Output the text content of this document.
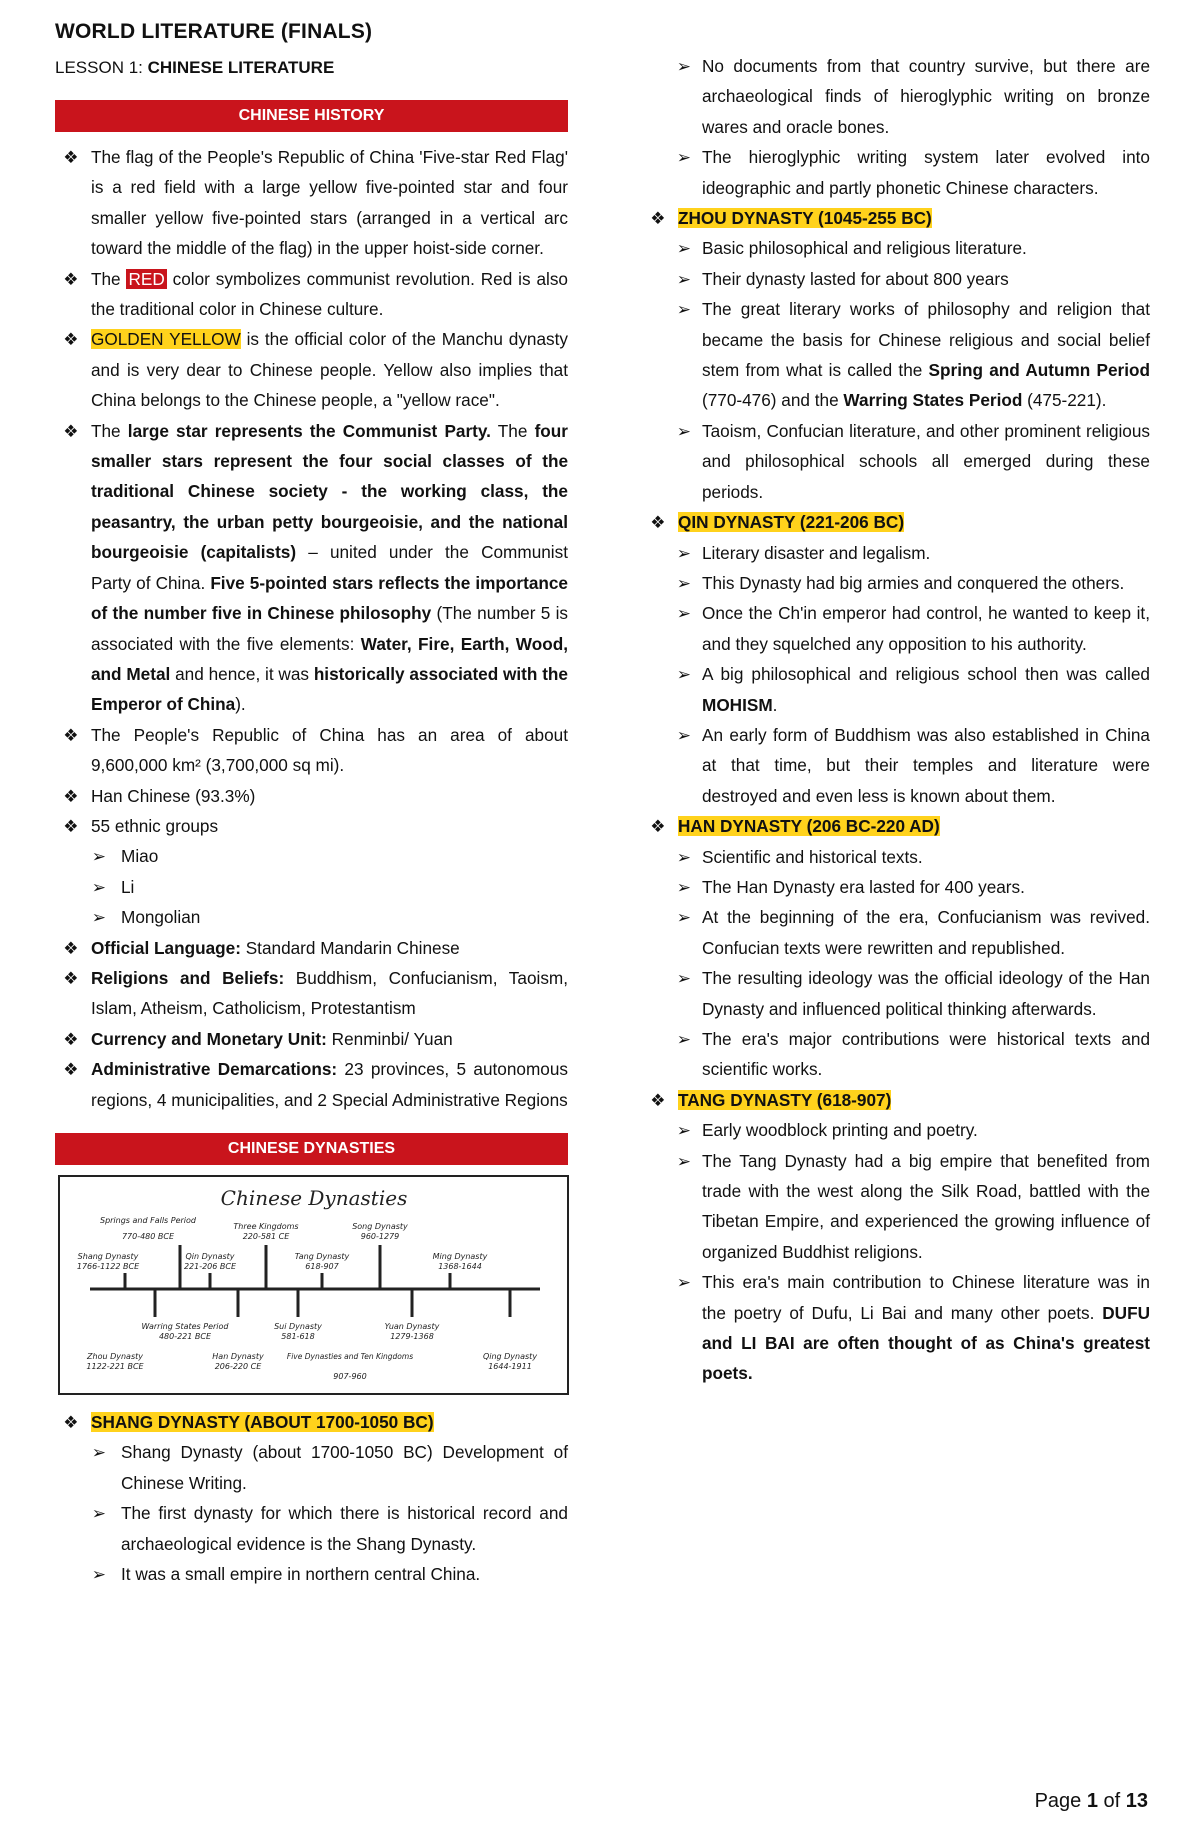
WORLD LITERATURE (FINALS)
LESSON 1: CHINESE LITERATURE
CHINESE HISTORY
❖ The flag of the People's Republic of China 'Five-star Red Flag' is a red field with a large yellow five-pointed star and four smaller yellow five-pointed stars (arranged in a vertical arc toward the middle of the flag) in the upper hoist-side corner.
❖ The RED color symbolizes communist revolution. Red is also the traditional color in Chinese culture.
❖ GOLDEN YELLOW is the official color of the Manchu dynasty and is very dear to Chinese people. Yellow also implies that China belongs to the Chinese people, a "yellow race".
❖ The large star represents the Communist Party. The four smaller stars represent the four social classes of the traditional Chinese society - the working class, the peasantry, the urban petty bourgeoisie, and the national bourgeoisie (capitalists) – united under the Communist Party of China. Five 5-pointed stars reflects the importance of the number five in Chinese philosophy (The number 5 is associated with the five elements: Water, Fire, Earth, Wood, and Metal and hence, it was historically associated with the Emperor of China).
❖ The People's Republic of China has an area of about 9,600,000 km² (3,700,000 sq mi).
❖ Han Chinese (93.3%)
❖ 55 ethnic groups
➢ Miao
➢ Li
➢ Mongolian
❖ Official Language: Standard Mandarin Chinese
❖ Religions and Beliefs: Buddhism, Confucianism, Taoism, Islam, Atheism, Catholicism, Protestantism
❖ Currency and Monetary Unit: Renminbi/ Yuan
❖ Administrative Demarcations: 23 provinces, 5 autonomous regions, 4 municipalities, and 2 Special Administrative Regions
CHINESE DYNASTIES
Chinese Dynasties
Springs and Falls Period
770-480 BCE
Three Kingdoms
220-581 CE
Song Dynasty
960-1279
Shang Dynasty
1766-1122 BCE
Qin Dynasty
221-206 BCE
Tang Dynasty
618-907
Ming Dynasty
1368-1644
Warring States Period
480-221 BCE
Sui Dynasty
581-618
Yuan Dynasty
1279-1368
Zhou Dynasty
1122-221 BCE
Han Dynasty
206-220 CE
Five Dynasties and Ten Kingdoms
907-960
Qing Dynasty
1644-1911
❖ SHANG DYNASTY (ABOUT 1700-1050 BC)
➢ Shang Dynasty (about 1700-1050 BC) Development of Chinese Writing.
➢ The first dynasty for which there is historical record and archaeological evidence is the Shang Dynasty.
➢ It was a small empire in northern central China.
➢ No documents from that country survive, but there are archaeological finds of hieroglyphic writing on bronze wares and oracle bones.
➢ The hieroglyphic writing system later evolved into ideographic and partly phonetic Chinese characters.
❖ ZHOU DYNASTY (1045-255 BC)
➢ Basic philosophical and religious literature.
➢ Their dynasty lasted for about 800 years
➢ The great literary works of philosophy and religion that became the basis for Chinese religious and social belief stem from what is called the Spring and Autumn Period (770-476) and the Warring States Period (475-221).
➢ Taoism, Confucian literature, and other prominent religious and philosophical schools all emerged during these periods.
❖ QIN DYNASTY (221-206 BC)
➢ Literary disaster and legalism.
➢ This Dynasty had big armies and conquered the others.
➢ Once the Ch'in emperor had control, he wanted to keep it, and they squelched any opposition to his authority.
➢ A big philosophical and religious school then was called MOHISM.
➢ An early form of Buddhism was also established in China at that time, but their temples and literature were destroyed and even less is known about them.
❖ HAN DYNASTY (206 BC-220 AD)
➢ Scientific and historical texts.
➢ The Han Dynasty era lasted for 400 years.
➢ At the beginning of the era, Confucianism was revived. Confucian texts were rewritten and republished.
➢ The resulting ideology was the official ideology of the Han Dynasty and influenced political thinking afterwards.
➢ The era's major contributions were historical texts and scientific works.
❖ TANG DYNASTY (618-907)
➢ Early woodblock printing and poetry.
➢ The Tang Dynasty had a big empire that benefited from trade with the west along the Silk Road, battled with the Tibetan Empire, and experienced the growing influence of organized Buddhist religions.
➢ This era's main contribution to Chinese literature was in the poetry of Dufu, Li Bai and many other poets. DUFU and LI BAI are often thought of as China's greatest poets.
Page 1 of 13
